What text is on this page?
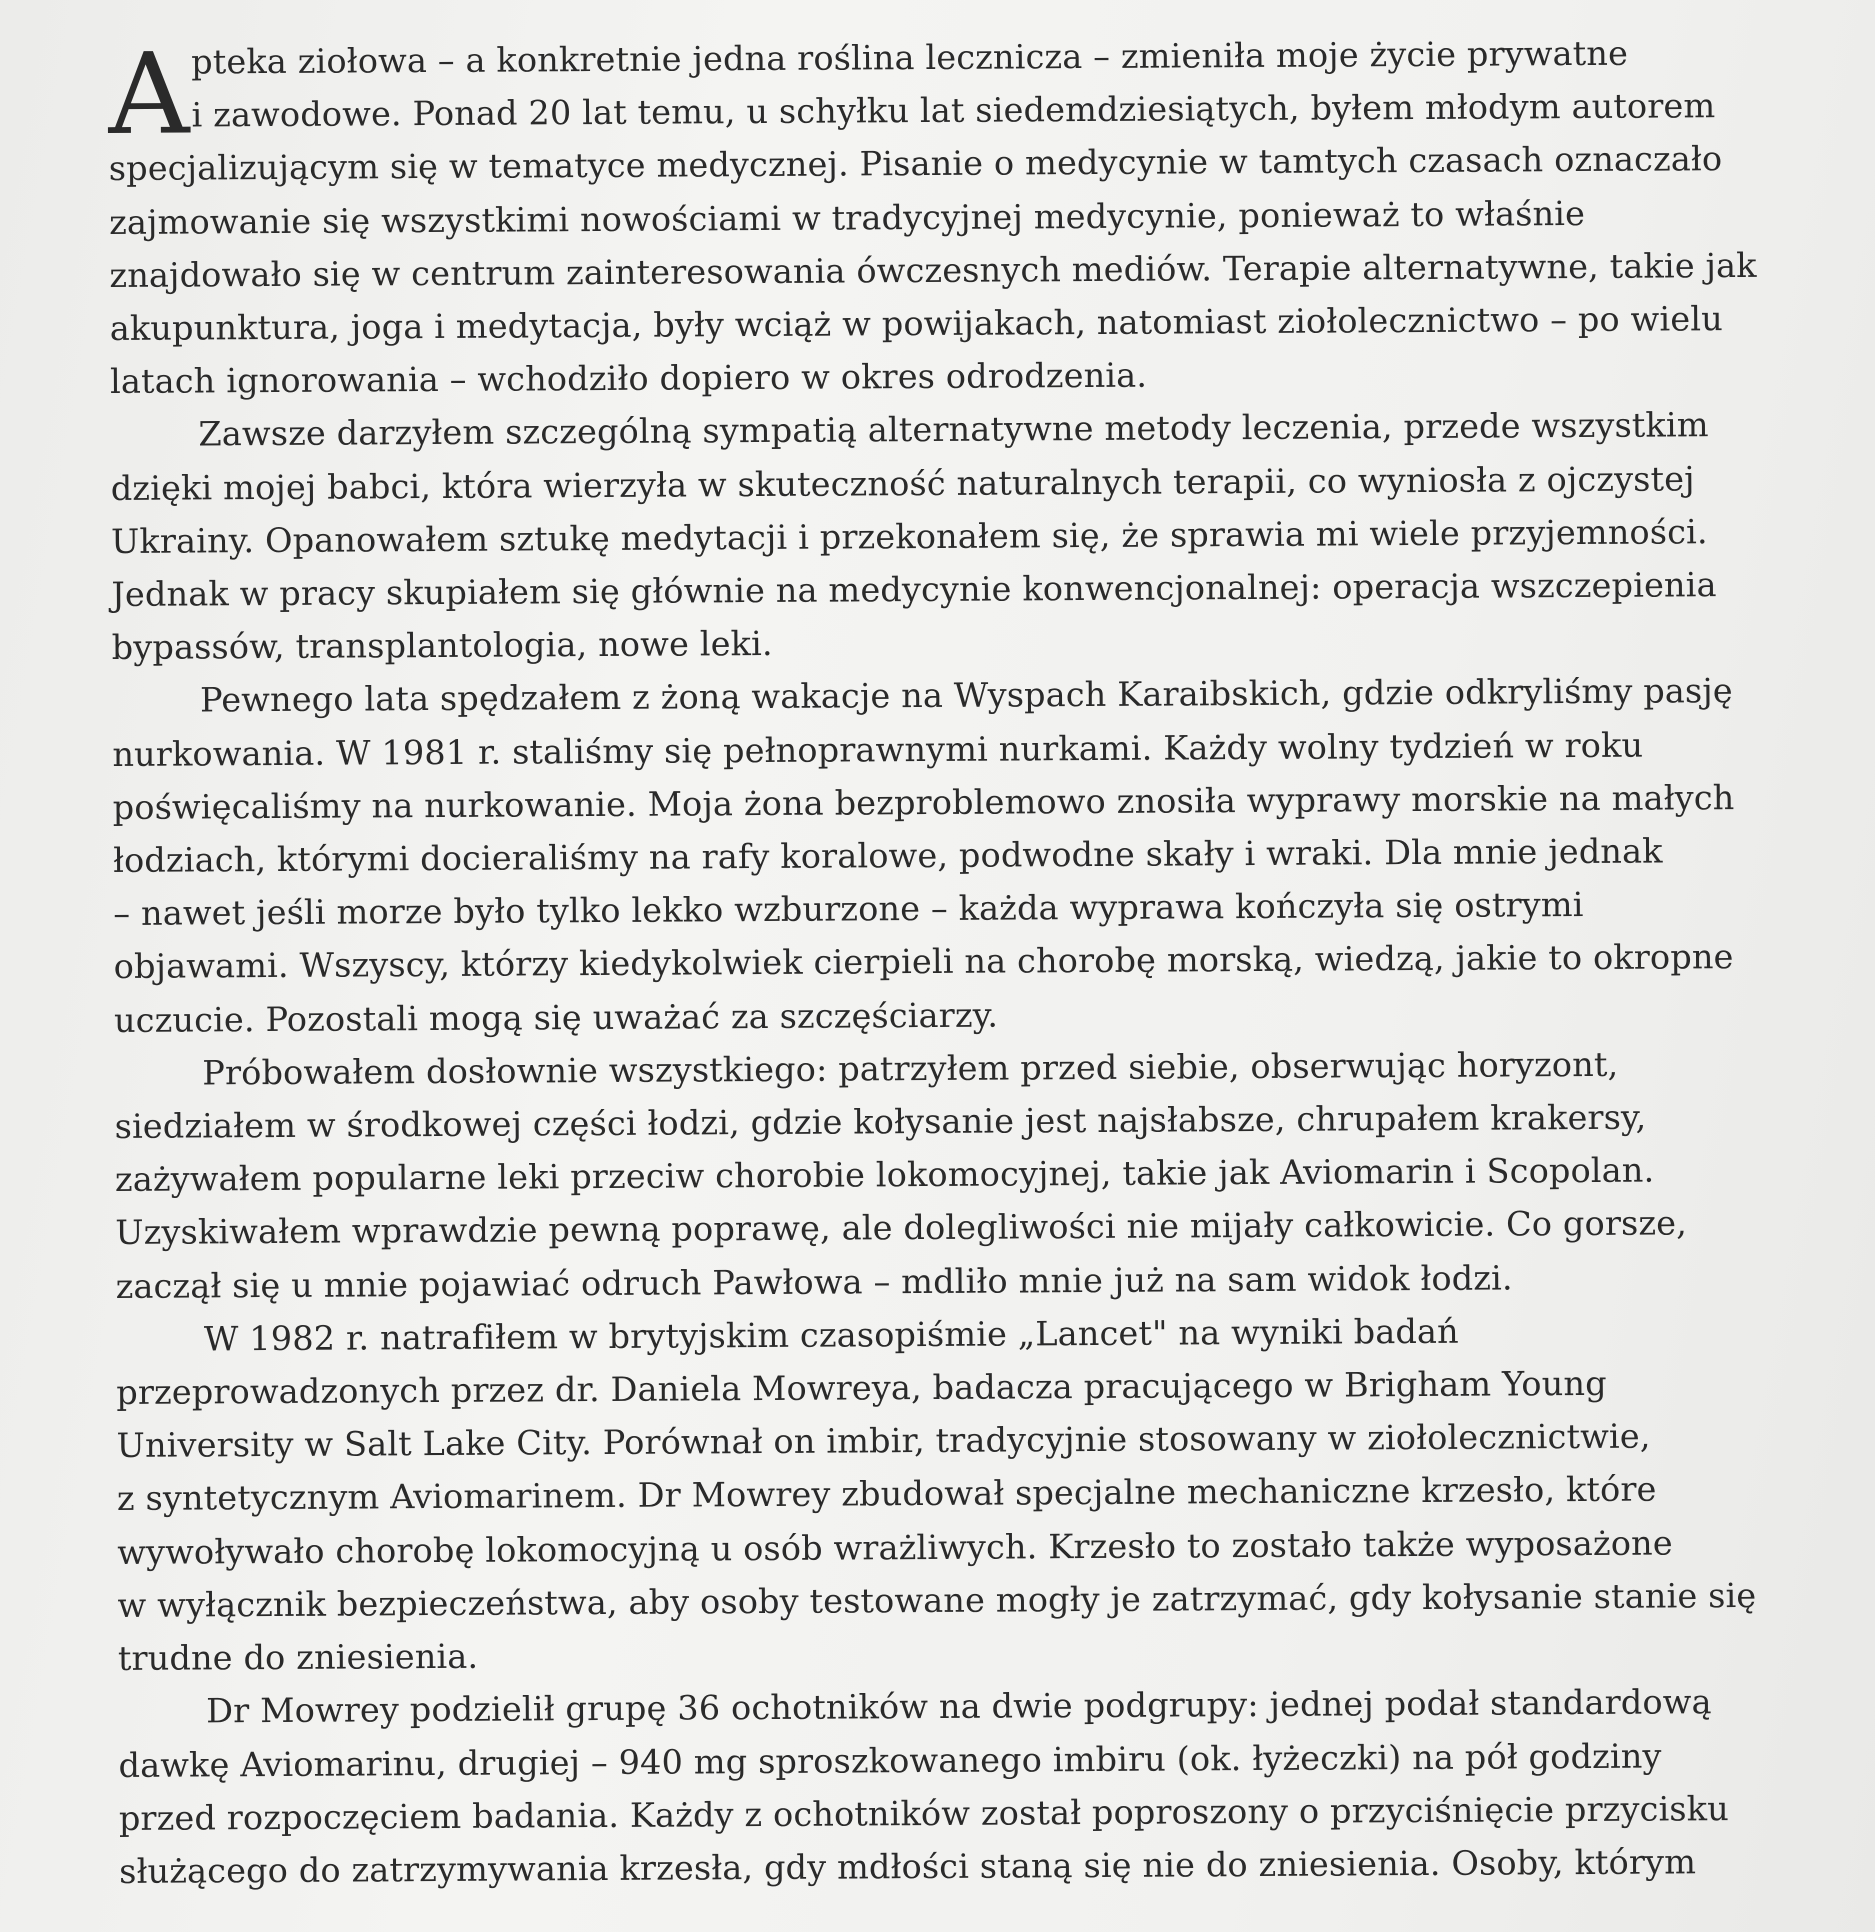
A pteka ziołowa – a konkretnie jedna roślina lecznicza – zmieniła moje życie prywatne
i zawodowe. Ponad 20 lat temu, u schyłku lat siedemdziesiątych, byłem młodym autorem
specjalizującym się w tematyce medycznej. Pisanie o medycynie w tamtych czasach oznaczało
zajmowanie się wszystkimi nowościami w tradycyjnej medycynie, ponieważ to właśnie
znajdowało się w centrum zainteresowania ówczesnych mediów. Terapie alternatywne, takie jak
akupunktura, joga i medytacja, były wciąż w powijakach, natomiast ziołolecznictwo – po wielu
latach ignorowania – wchodziło dopiero w okres odrodzenia.
Zawsze darzyłem szczególną sympatią alternatywne metody leczenia, przede wszystkim
dzięki mojej babci, która wierzyła w skuteczność naturalnych terapii, co wyniosła z ojczystej
Ukrainy. Opanowałem sztukę medytacji i przekonałem się, że sprawia mi wiele przyjemności.
Jednak w pracy skupiałem się głównie na medycynie konwencjonalnej: operacja wszczepienia
bypassów, transplantologia, nowe leki.
Pewnego lata spędzałem z żoną wakacje na Wyspach Karaibskich, gdzie odkryliśmy pasję
nurkowania. W 1981 r. staliśmy się pełnoprawnymi nurkami. Każdy wolny tydzień w roku
poświęcaliśmy na nurkowanie. Moja żona bezproblemowo znosiła wyprawy morskie na małych
łodziach, którymi docieraliśmy na rafy koralowe, podwodne skały i wraki. Dla mnie jednak
– nawet jeśli morze było tylko lekko wzburzone – każda wyprawa kończyła się ostrymi
objawami. Wszyscy, którzy kiedykolwiek cierpieli na chorobę morską, wiedzą, jakie to okropne
uczucie. Pozostali mogą się uważać za szczęściarzy.
Próbowałem dosłownie wszystkiego: patrzyłem przed siebie, obserwując horyzont,
siedziałem w środkowej części łodzi, gdzie kołysanie jest najsłabsze, chrupałem krakersy,
zażywałem popularne leki przeciw chorobie lokomocyjnej, takie jak Aviomarin i Scopolan.
Uzyskiwałem wprawdzie pewną poprawę, ale dolegliwości nie mijały całkowicie. Co gorsze,
zaczął się u mnie pojawiać odruch Pawłowa – mdliło mnie już na sam widok łodzi.
W 1982 r. natrafiłem w brytyjskim czasopiśmie „Lancet" na wyniki badań
przeprowadzonych przez dr. Daniela Mowreya, badacza pracującego w Brigham Young
University w Salt Lake City. Porównał on imbir, tradycyjnie stosowany w ziołolecznictwie,
z syntetycznym Aviomarinem. Dr Mowrey zbudował specjalne mechaniczne krzesło, które
wywoływało chorobę lokomocyjną u osób wrażliwych. Krzesło to zostało także wyposażone
w wyłącznik bezpieczeństwa, aby osoby testowane mogły je zatrzymać, gdy kołysanie stanie się
trudne do zniesienia.
Dr Mowrey podzielił grupę 36 ochotników na dwie podgrupy: jednej podał standardową
dawkę Aviomarinu, drugiej – 940 mg sproszkowanego imbiru (ok. łyżeczki) na pół godziny
przed rozpoczęciem badania. Każdy z ochotników został poproszony o przyciśnięcie przycisku
służącego do zatrzymywania krzesła, gdy mdłości staną się nie do zniesienia. Osoby, którym
